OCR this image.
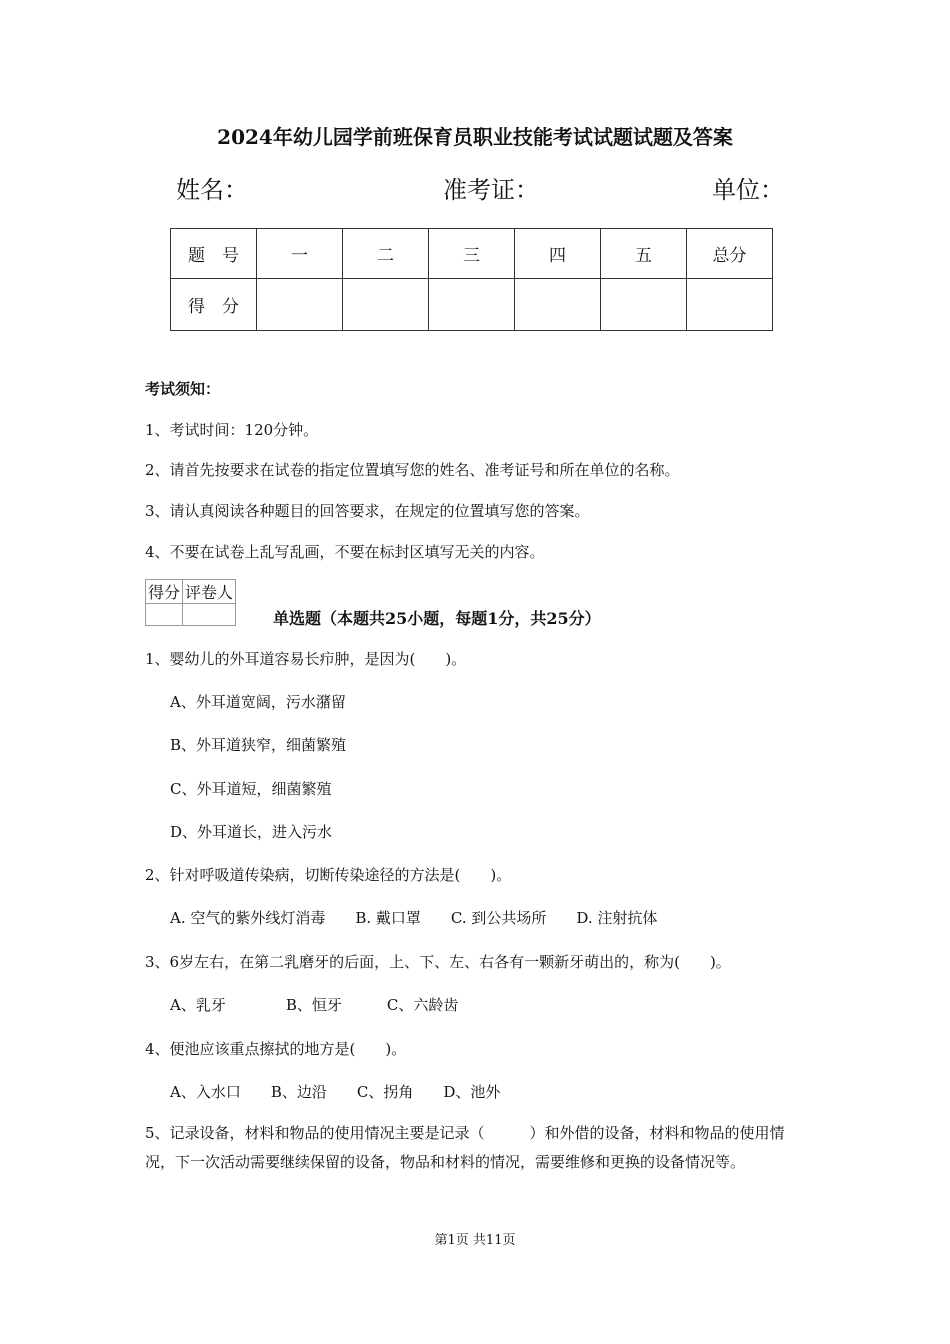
2024年幼儿园学前班保育员职业技能考试试题试题及答案
姓名：	准考证：	单位：
题　号	一	二	三	四	五	总分
得　分						
考试须知：
1、考试时间：120分钟。
2、请首先按要求在试卷的指定位置填写您的姓名、准考证号和所在单位的名称。
3、请认真阅读各种题目的回答要求，在规定的位置填写您的答案。
4、不要在试卷上乱写乱画，不要在标封区填写无关的内容。
得分	评卷人

单选题（本题共25小题，每题1分，共25分）
1、婴幼儿的外耳道容易长疖肿，是因为(　　)。
A、外耳道宽阔，污水潴留
B、外耳道狭窄，细菌繁殖
C、外耳道短，细菌繁殖
D、外耳道长，进入污水
2、针对呼吸道传染病，切断传染途径的方法是(　　)。
A. 空气的紫外线灯消毒　　B. 戴口罩　　C. 到公共场所　　D. 注射抗体
3、6岁左右，在第二乳磨牙的后面，上、下、左、右各有一颗新牙萌出的，称为(　　)。
A、乳牙　　　　B、恒牙　　　C、六龄齿
4、便池应该重点擦拭的地方是(　　)。
A、入水口　　B、边沿　　C、拐角　　D、池外
5、记录设备，材料和物品的使用情况主要是记录（　　　）和外借的设备，材料和物品的使用情况，下一次活动需要继续保留的设备，物品和材料的情况，需要维修和更换的设备情况等。
第1页 共11页
